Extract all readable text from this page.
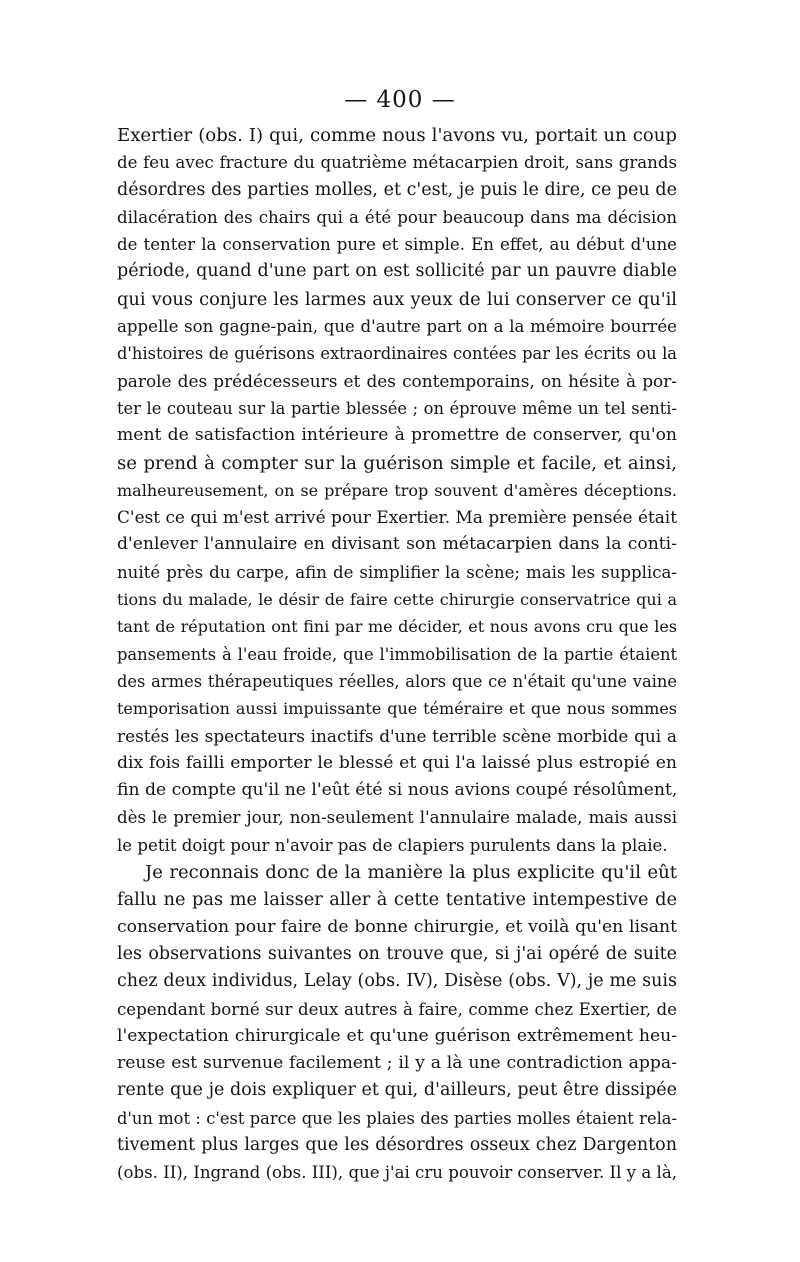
— 400 —
Exertier (obs. I) qui, comme nous l'avons vu, portait un coup
de feu avec fracture du quatrième métacarpien droit, sans grands
désordres des parties molles, et c'est, je puis le dire, ce peu de
dilacération des chairs qui a été pour beaucoup dans ma décision
de tenter la conservation pure et simple. En effet, au début d'une
période, quand d'une part on est sollicité par un pauvre diable
qui vous conjure les larmes aux yeux de lui conserver ce qu'il
appelle son gagne-pain, que d'autre part on a la mémoire bourrée
d'histoires de guérisons extraordinaires contées par les écrits ou la
parole des prédécesseurs et des contemporains, on hésite à por-
ter le couteau sur la partie blessée ; on éprouve même un tel senti-
ment de satisfaction intérieure à promettre de conserver, qu'on
se prend à compter sur la guérison simple et facile, et ainsi,
malheureusement, on se prépare trop souvent d'amères déceptions.
C'est ce qui m'est arrivé pour Exertier. Ma première pensée était
d'enlever l'annulaire en divisant son métacarpien dans la conti-
nuité près du carpe, afin de simplifier la scène; mais les supplica-
tions du malade, le désir de faire cette chirurgie conservatrice qui a
tant de réputation ont fini par me décider, et nous avons cru que les
pansements à l'eau froide, que l'immobilisation de la partie étaient
des armes thérapeutiques réelles, alors que ce n'était qu'une vaine
temporisation aussi impuissante que téméraire et que nous sommes
restés les spectateurs inactifs d'une terrible scène morbide qui a
dix fois failli emporter le blessé et qui l'a laissé plus estropié en
fin de compte qu'il ne l'eût été si nous avions coupé résolûment,
dès le premier jour, non-seulement l'annulaire malade, mais aussi
le petit doigt pour n'avoir pas de clapiers purulents dans la plaie.
Je reconnais donc de la manière la plus explicite qu'il eût
fallu ne pas me laisser aller à cette tentative intempestive de
conservation pour faire de bonne chirurgie, et voilà qu'en lisant
les observations suivantes on trouve que, si j'ai opéré de suite
chez deux individus, Lelay (obs. IV), Disèse (obs. V), je me suis
cependant borné sur deux autres à faire, comme chez Exertier, de
l'expectation chirurgicale et qu'une guérison extrêmement heu-
reuse est survenue facilement ; il y a là une contradiction appa-
rente que je dois expliquer et qui, d'ailleurs, peut être dissipée
d'un mot : c'est parce que les plaies des parties molles étaient rela-
tivement plus larges que les désordres osseux chez Dargenton
(obs. II), Ingrand (obs. III), que j'ai cru pouvoir conserver. Il y a là,
